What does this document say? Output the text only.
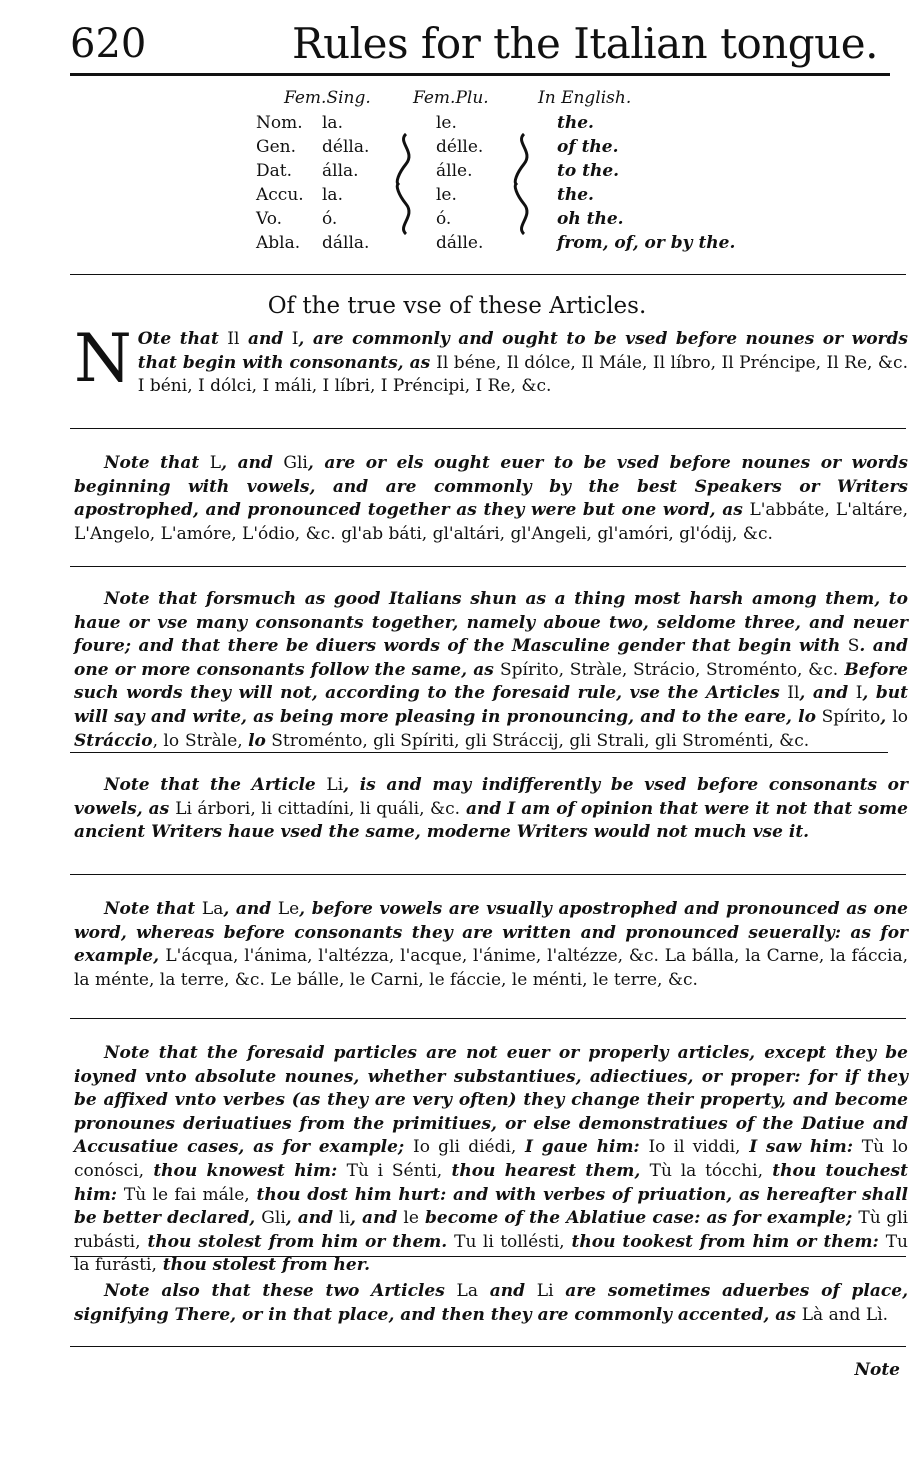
620	Rules for the Italian tongue.
Fem.Sing. Fem.Plu.	In English.
Nom. la.	le.	the.
Gen. délla.	délle.	of the.
Dat. álla.	álle.	to the.
Accu. la.	le.	the.
Vo. ó.	ó.	oh the.
Abla. dálla.	dálle.	from, of, or by the.
Of the true vse of these Articles.
N Ote that Il and I, are commonly and ought to be vsed before nounes or words that begin with consonants, as Il béne, Il dólce, Il Mále, Il líbro, Il Préncipe, Il Re, &c. I béni, I dólci, I máli, I líbri, I Préncipi, I Re, &c.
Note that L, and Gli, are or els ought euer to be vsed before nounes or words beginning with vowels, and are commonly by the best Speakers or Writers apostrophed, and pronounced together as they were but one word, as L'abbáte, L'altáre, L'Angelo, L'amóre, L'ódio, &c. gl'ab báti, gl'altári, gl'Angeli, gl'amóri, gl'ódij, &c.
Note that forsmuch as good Italians shun as a thing most harsh among them, to haue or vse many consonants together, namely aboue two, seldome three, and neuer foure; and that there be diuers words of the Masculine gender that begin with S. and one or more consonants follow the same, as Spírito, Stràle, Strácio, Stroménto, &c. Before such words they will not, according to the foresaid rule, vse the Articles Il, and I, but will say and write, as being more pleasing in pronouncing, and to the eare, lo Spírito, lo Stráccio, lo Stràle, lo Stroménto, gli Spíriti, gli Stráccij, gli Strali, gli Stroménti, &c.
Note that the Article Li, is and may indifferently be vsed before consonants or vowels, as Li árbori, li cittadíni, li quáli, &c. and I am of opinion that were it not that some ancient Writers haue vsed the same, moderne Writers would not much vse it.
Note that La, and Le, before vowels are vsually apostrophed and pronounced as one word, whereas before consonants they are written and pronounced seuerally: as for example, L'ácqua, l'ánima, l'altézza, l'acque, l'ánime, l'altézze, &c. La bálla, la Carne, la fáccia, la ménte, la terre, &c. Le bálle, le Carni, le fáccie, le ménti, le terre, &c.
Note that the foresaid particles are not euer or properly articles, except they be ioyned vnto absolute nounes, whether substantiues, adiectiues, or proper: for if they be affixed vnto verbes (as they are very often) they change their property, and become pronounes deriuatiues from the primitiues, or else demonstratiues of the Datiue and Accusatiue cases, as for example; Io gli diédi, I gaue him: Io il viddi, I saw him: Tù lo conósci, thou knowest him: Tù i Sénti, thou hearest them, Tù la tócchi, thou touchest him: Tù le fai mále, thou dost him hurt: and with verbes of priuation, as hereafter shall be better declared, Gli, and li, and le become of the Ablatiue case: as for example; Tù gli rubásti, thou stolest from him or them. Tu li tollésti, thou tookest from him or them: Tu la furásti, thou stolest from her.
Note also that these two Articles La and Li are sometimes aduerbes of place, signifying There, or in that place, and then they are commonly accented, as Là and Lì.
Note
